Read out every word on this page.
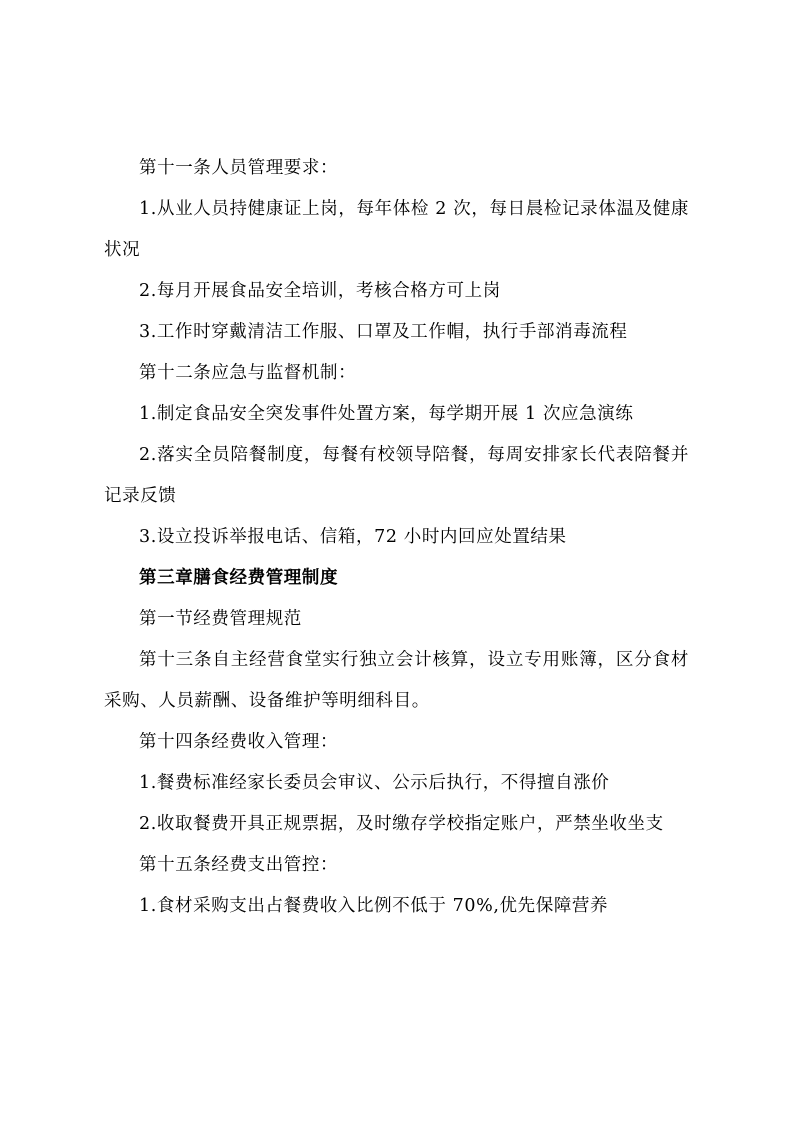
第十一条人员管理要求：

1.从业人员持健康证上岗，每年体检 2 次，每日晨检记录体温及健康状况

2.每月开展食品安全培训，考核合格方可上岗

3.工作时穿戴清洁工作服、口罩及工作帽，执行手部消毒流程

第十二条应急与监督机制：

1.制定食品安全突发事件处置方案，每学期开展 1 次应急演练

2.落实全员陪餐制度，每餐有校领导陪餐，每周安排家长代表陪餐并记录反馈

3.设立投诉举报电话、信箱，72 小时内回应处置结果

第三章膳食经费管理制度

第一节经费管理规范

第十三条自主经营食堂实行独立会计核算，设立专用账簿，区分食材采购、人员薪酬、设备维护等明细科目。

第十四条经费收入管理：

1.餐费标准经家长委员会审议、公示后执行，不得擅自涨价

2.收取餐费开具正规票据，及时缴存学校指定账户，严禁坐收坐支

第十五条经费支出管控：

1.食材采购支出占餐费收入比例不低于 70%,优先保障营养
